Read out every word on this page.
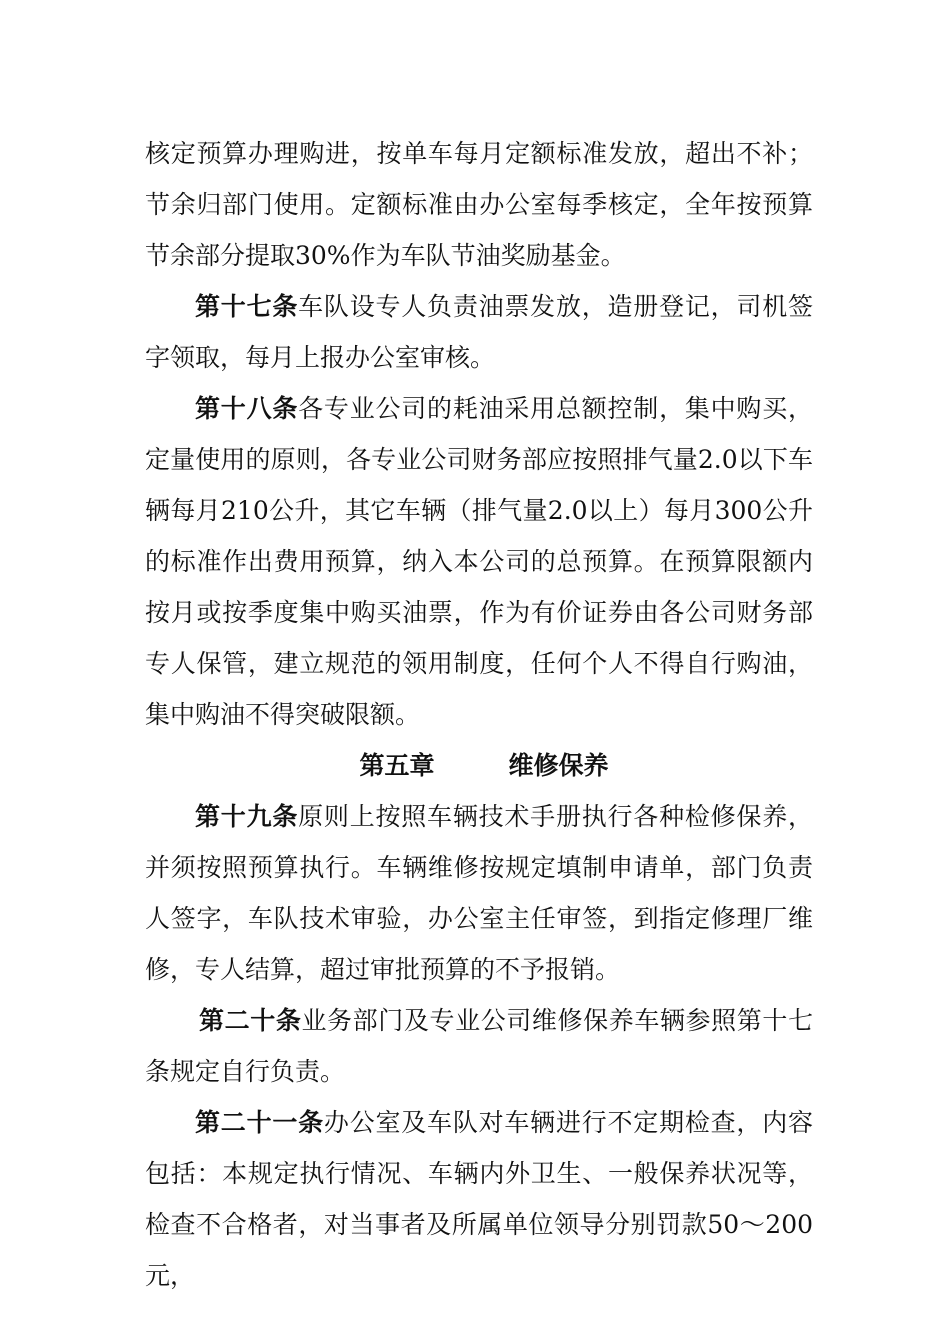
核定预算办理购进，按单车每月定额标准发放，超出不补；节余归部门使用。定额标准由办公室每季核定，全年按预算节余部分提取30%作为车队节油奖励基金。

第十七条车队设专人负责油票发放，造册登记，司机签字领取，每月上报办公室审核。

第十八条各专业公司的耗油采用总额控制，集中购买，定量使用的原则，各专业公司财务部应按照排气量2.0以下车辆每月210公升，其它车辆（排气量2.0以上）每月300公升的标准作出费用预算，纳入本公司的总预算。在预算限额内按月或按季度集中购买油票，作为有价证券由各公司财务部专人保管，建立规范的领用制度，任何个人不得自行购油，集中购油不得突破限额。

第五章	维修保养

第十九条原则上按照车辆技术手册执行各种检修保养，并须按照预算执行。车辆维修按规定填制申请单，部门负责人签字，车队技术审验，办公室主任审签，到指定修理厂维修，专人结算，超过审批预算的不予报销。

第二十条业务部门及专业公司维修保养车辆参照第十七条规定自行负责。

第二十一条办公室及车队对车辆进行不定期检查，内容包括：本规定执行情况、车辆内外卫生、一般保养状况等，检查不合格者，对当事者及所属单位领导分别罚款50～200元，
